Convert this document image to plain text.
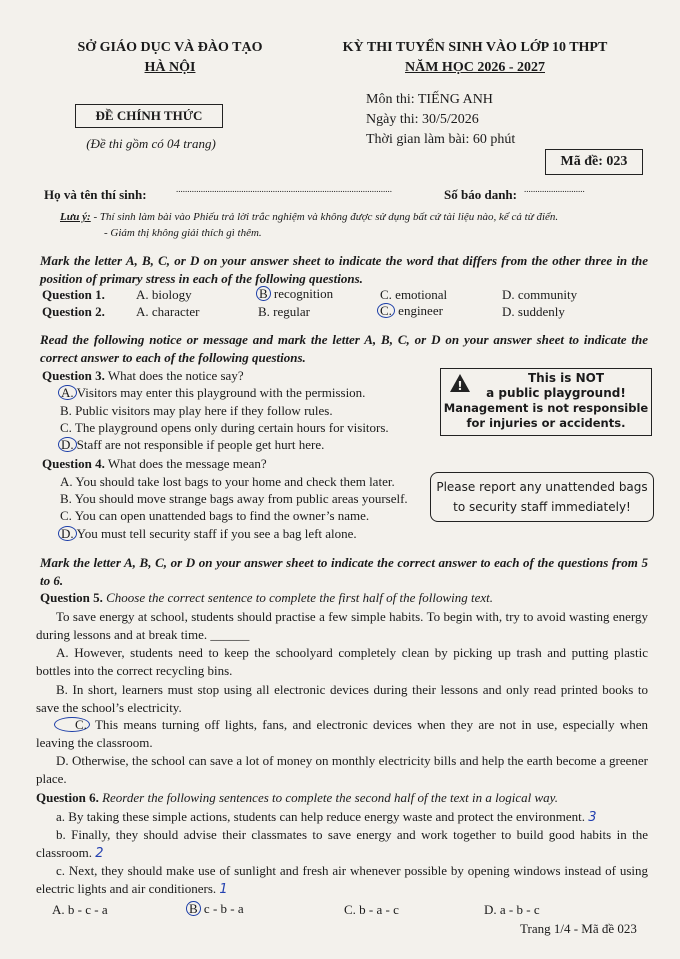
SỞ GIÁO DỤC VÀ ĐÀO TẠO
HÀ NỘI
KỲ THI TUYỂN SINH VÀO LỚP 10 THPT
NĂM HỌC 2026 - 2027
ĐỀ CHÍNH THỨC
(Đề thi gồm có 04 trang)
Môn thi: TIẾNG ANH
Ngày thi: 30/5/2026
Thời gian làm bài: 60 phút
Mã đề: 023
Họ và tên thí sinh:	................................................................................................	Số báo danh: ...........................
Lưu ý: - Thí sinh làm bài vào Phiếu trả lời trắc nghiệm và không được sử dụng bất cứ tài liệu nào, kể cả từ điển.
- Giám thị không giải thích gì thêm.
Mark the letter A, B, C, or D on your answer sheet to indicate the word that differs from the other three in the position of primary stress in each of the following questions.
Question 1. A. biology	B recognition	C. emotional	D. community
Question 2. A. character	B. regular	C. engineer	D. suddenly
Read the following notice or message and mark the letter A, B, C, or D on your answer sheet to indicate the correct answer to each of the following questions.
Question 3. What does the notice say?
A. Visitors may enter this playground with the permission.
B. Public visitors may play here if they follow rules.
C. The playground opens only during certain hours for visitors.
D. Staff are not responsible if people get hurt here.
!
This is NOT
a public playground!
Management is not responsible
for injuries or accidents.
Question 4. What does the message mean?
A. You should take lost bags to your home and check them later.
B. You should move strange bags away from public areas yourself.
C. You can open unattended bags to find the owner’s name.
D. You must tell security staff if you see a bag left alone.
Please report any unattended bags
to security staff immediately!
Mark the letter A, B, C, or D on your answer sheet to indicate the correct answer to each of the questions from 5 to 6.
Question 5. Choose the correct sentence to complete the first half of the following text.
To save energy at school, students should practise a few simple habits. To begin with, try to avoid wasting energy during lessons and at break time. ______
A. However, students need to keep the schoolyard completely clean by picking up trash and putting plastic bottles into the correct recycling bins.
B. In short, learners must stop using all electronic devices during their lessons and only read printed books to save the school’s electricity.
C. This means turning off lights, fans, and electronic devices when they are not in use, especially when leaving the classroom.
D. Otherwise, the school can save a lot of money on monthly electricity bills and help the earth become a greener place.
Question 6. Reorder the following sentences to complete the second half of the text in a logical way.
a. By taking these simple actions, students can help reduce energy waste and protect the environment. 3
b. Finally, they should advise their classmates to save energy and work together to build good habits in the classroom. 2
c. Next, they should make use of sunlight and fresh air whenever possible by opening windows instead of using electric lights and air conditioners. 1
A. b - c - a	B c - b - a	C. b - a - c	D. a - b - c
Trang 1/4 - Mã đề 023
